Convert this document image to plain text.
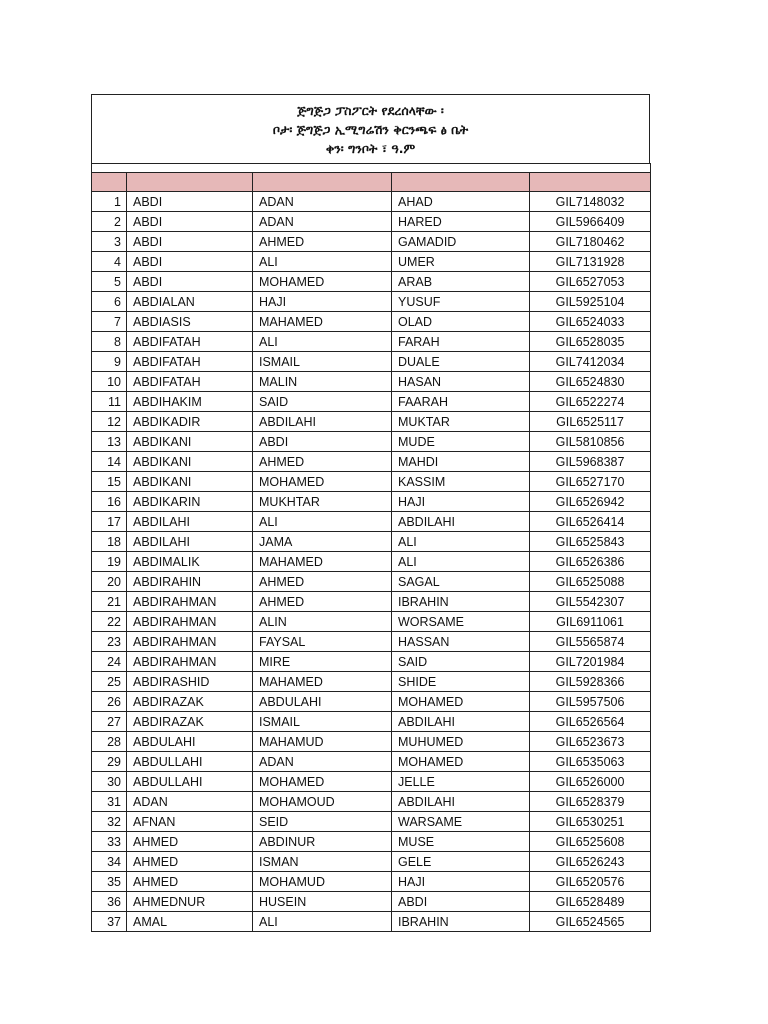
ጅግጅጋ ፓስፖርት የደረሰላቸው ፡
ቦታ፡ ጅግጅጋ ኢሚግሬሽን ቅርንጫፍ ፅ ቤት
ቀን፡ ግንቦት ፣ ዓ.ም

1	ABDI	ADAN	AHAD	GIL7148032
2	ABDI	ADAN	HARED	GIL5966409
3	ABDI	AHMED	GAMADID	GIL7180462
4	ABDI	ALI	UMER	GIL7131928
5	ABDI	MOHAMED	ARAB	GIL6527053
6	ABDIALAN	HAJI	YUSUF	GIL5925104
7	ABDIASIS	MAHAMED	OLAD	GIL6524033
8	ABDIFATAH	ALI	FARAH	GIL6528035
9	ABDIFATAH	ISMAIL	DUALE	GIL7412034
10	ABDIFATAH	MALIN	HASAN	GIL6524830
11	ABDIHAKIM	SAID	FAARAH	GIL6522274
12	ABDIKADIR	ABDILAHI	MUKTAR	GIL6525117
13	ABDIKANI	ABDI	MUDE	GIL5810856
14	ABDIKANI	AHMED	MAHDI	GIL5968387
15	ABDIKANI	MOHAMED	KASSIM	GIL6527170
16	ABDIKARIN	MUKHTAR	HAJI	GIL6526942
17	ABDILAHI	ALI	ABDILAHI	GIL6526414
18	ABDILAHI	JAMA	ALI	GIL6525843
19	ABDIMALIK	MAHAMED	ALI	GIL6526386
20	ABDIRAHIN	AHMED	SAGAL	GIL6525088
21	ABDIRAHMAN	AHMED	IBRAHIN	GIL5542307
22	ABDIRAHMAN	ALIN	WORSAME	GIL6911061
23	ABDIRAHMAN	FAYSAL	HASSAN	GIL5565874
24	ABDIRAHMAN	MIRE	SAID	GIL7201984
25	ABDIRASHID	MAHAMED	SHIDE	GIL5928366
26	ABDIRAZAK	ABDULAHI	MOHAMED	GIL5957506
27	ABDIRAZAK	ISMAIL	ABDILAHI	GIL6526564
28	ABDULAHI	MAHAMUD	MUHUMED	GIL6523673
29	ABDULLAHI	ADAN	MOHAMED	GIL6535063
30	ABDULLAHI	MOHAMED	JELLE	GIL6526000
31	ADAN	MOHAMOUD	ABDILAHI	GIL6528379
32	AFNAN	SEID	WARSAME	GIL6530251
33	AHMED	ABDINUR	MUSE	GIL6525608
34	AHMED	ISMAN	GELE	GIL6526243
35	AHMED	MOHAMUD	HAJI	GIL6520576
36	AHMEDNUR	HUSEIN	ABDI	GIL6528489
37	AMAL	ALI	IBRAHIN	GIL6524565
